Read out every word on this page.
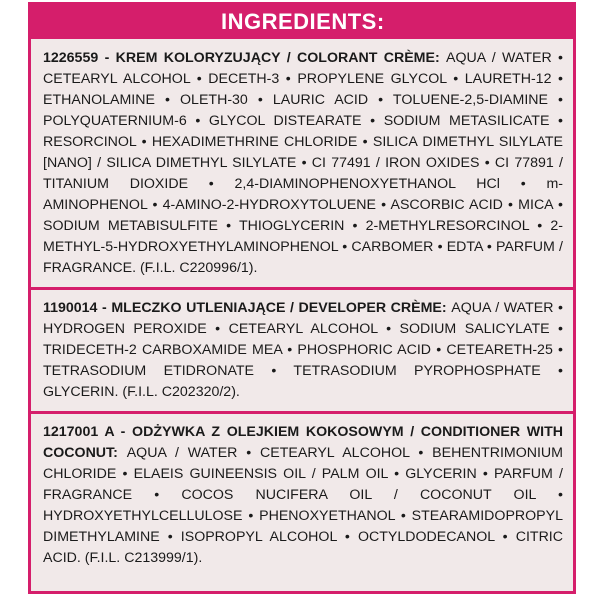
INGREDIENTS:
1226559 - KREM KOLORYZUJĄCY / COLORANT CRÈME: AQUA / WATER • CETEARYL ALCOHOL • DECETH-3 • PROPYLENE GLYCOL • LAURETH-12 • ETHANOLAMINE • OLETH-30 • LAURIC ACID • TOLUENE-2,5-DIAMINE • POLYQUATERNIUM-6 • GLYCOL DISTEARATE • SODIUM METASILICATE • RESORCINOL • HEXADIMETHRINE CHLORIDE • SILICA DIMETHYL SILYLATE [NANO] / SILICA DIMETHYL SILYLATE • CI 77491 / IRON OXIDES • CI 77891 / TITANIUM DIOXIDE • 2,4-DIAMINOPHENOXYETHANOL HCl • m-AMINOPHENOL • 4-AMINO-2-HYDROXYTOLUENE • ASCORBIC ACID • MICA • SODIUM METABISULFITE • THIOGLYCERIN • 2-METHYLRESORCINOL • 2-METHYL-5-HYDROXYETHYLAMINOPHENOL • CARBOMER • EDTA • PARFUM / FRAGRANCE. (F.I.L. C220996/1).
1190014 - MLECZKO UTLENIAJĄCE / DEVELOPER CRÈME: AQUA / WATER • HYDROGEN PEROXIDE • CETEARYL ALCOHOL • SODIUM SALICYLATE • TRIDECETH-2 CARBOXAMIDE MEA • PHOSPHORIC ACID • CETEARETH-25 • TETRASODIUM ETIDRONATE • TETRASODIUM PYROPHOSPHATE • GLYCERIN. (F.I.L. C202320/2).
1217001 A - ODŻYWKA Z OLEJKIEM KOKOSOWYM / CONDITIONER WITH COCONUT: AQUA / WATER • CETEARYL ALCOHOL • BEHENTRIMONIUM CHLORIDE • ELAEIS GUINEENSIS OIL / PALM OIL • GLYCERIN • PARFUM / FRAGRANCE • COCOS NUCIFERA OIL / COCONUT OIL • HYDROXYETHYLCELLULOSE • PHENOXYETHANOL • STEARAMIDOPROPYL DIMETHYLAMINE • ISOPROPYL ALCOHOL • OCTYLDODECANOL • CITRIC ACID. (F.I.L. C213999/1).
